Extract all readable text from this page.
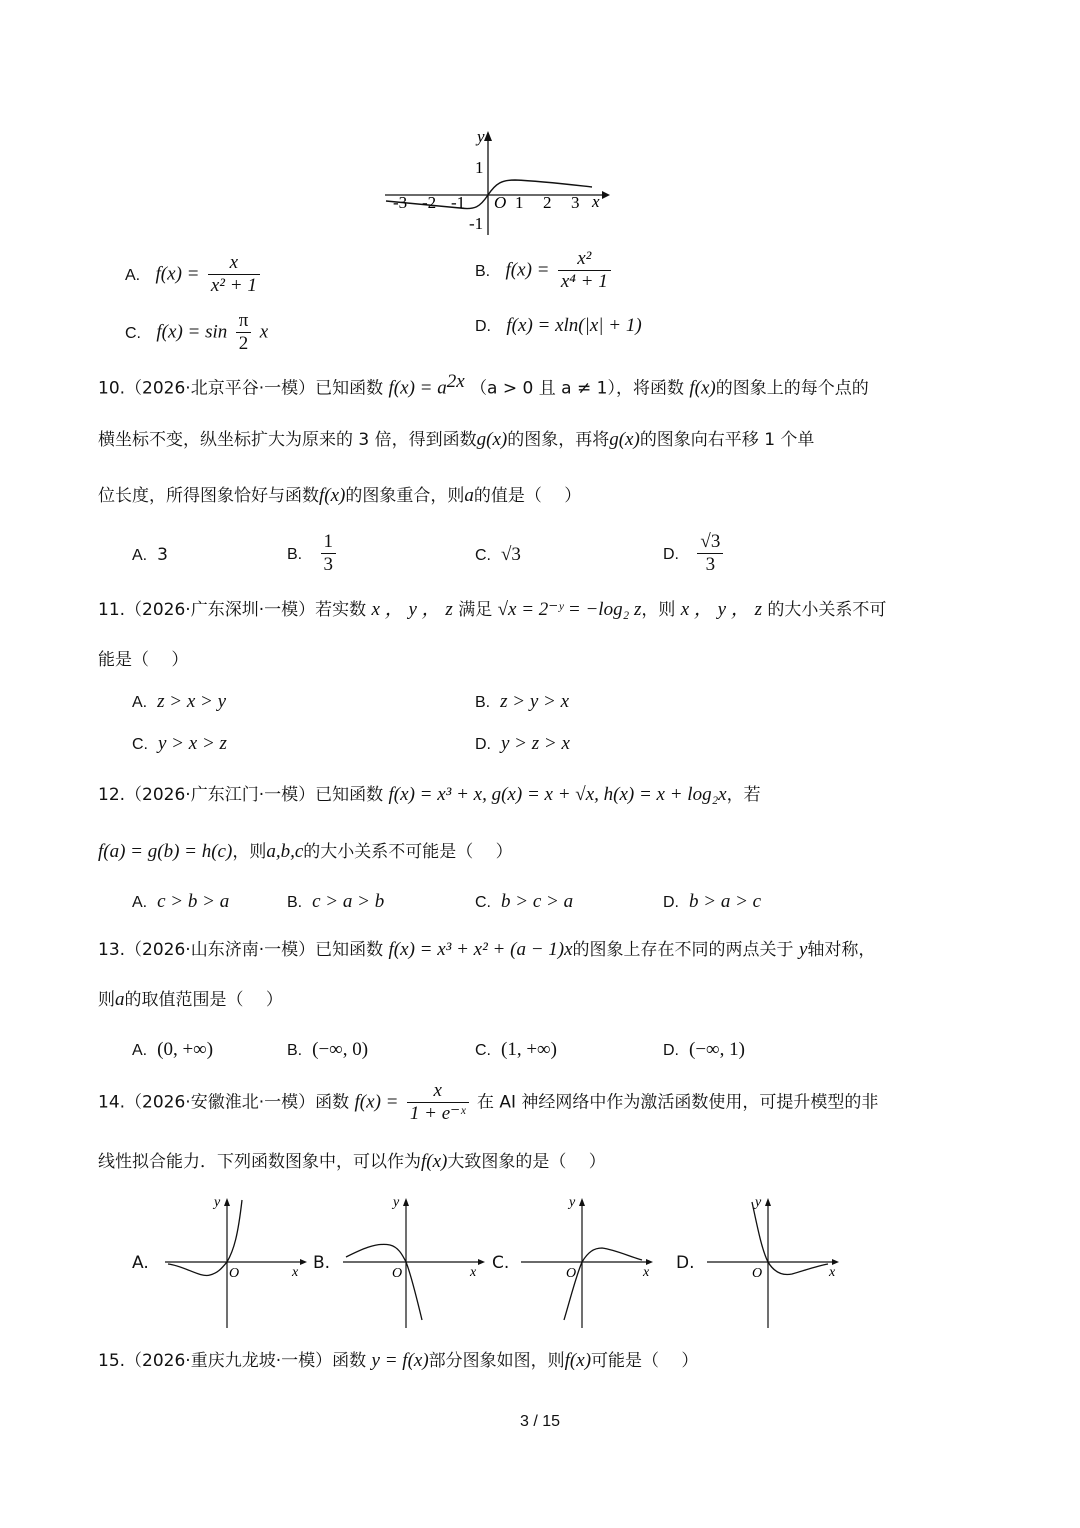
y
x
O
1
-1
-3 -2 -1	1 2 3
A. $f(x) = \frac{x}{\text{x² + 1}}$	B. $f(x) = \frac{\text{x²}}{\text{x⁴ + 1}}$
C. $f(x) = \sin \frac{\pi}{2}$ x	D. f(x) = xln(|x| + 1)
10.（2026·北京平谷·一模）已知函数 $f(x) = a^{2x}$ （a > 0 且 a ≠ 1），将函数 f(x)的图象上的每个点的
横坐标不变，纵坐标扩大为原来的 3 倍，得到函数g(x)的图象，再将g(x)的图象向右平移 1 个单
位长度，所得图象恰好与函数f(x)的图象重合，则a的值是（　 ）
A. 3	B. $\frac{1}{3}$	C. √3	D. $\frac{√3}{3}$
11.（2026·广东深圳·一模）若实数 x ， y ， z 满足 √x = 2⁻ʸ = −log₂ z，则 x ， y ， z 的大小关系不可
能是（　 ）
A. z > x > y	B. z > y > x
C. y > x > z	D. y > z > x
12.（2026·广东江门·一模）已知函数 f(x) = x³ + x, g(x) = x + √x, h(x) = x + log₂x，若
f(a) = g(b) = h(c)，则a,b,c的大小关系不可能是（　 ）
A. c > b > a	B. c > a > b	C. b > c > a	D. b > a > c
13.（2026·山东济南·一模）已知函数 f(x) = x³ + x² + (a − 1)x的图象上存在不同的两点关于 y轴对称，
则a的取值范围是（　 ）
A. (0, +∞)	B. (−∞, 0)	C. (1, +∞)	D. (−∞, 1)
14.（2026·安徽淮北·一模）函数 $f(x) = \frac{x}{\text{1 + e⁻ˣ}}$ 在 AI 神经网络中作为激活函数使用，可提升模型的非
线性拟合能力．下列函数图象中，可以作为f(x)大致图象的是（　 ）
A.
y
x
O
B.
y
x
O
C.
y
x
O
D.
y
x
O
15.（2026·重庆九龙坡·一模）函数 y = f(x)部分图象如图，则f(x)可能是（　 ）
3 / 15
